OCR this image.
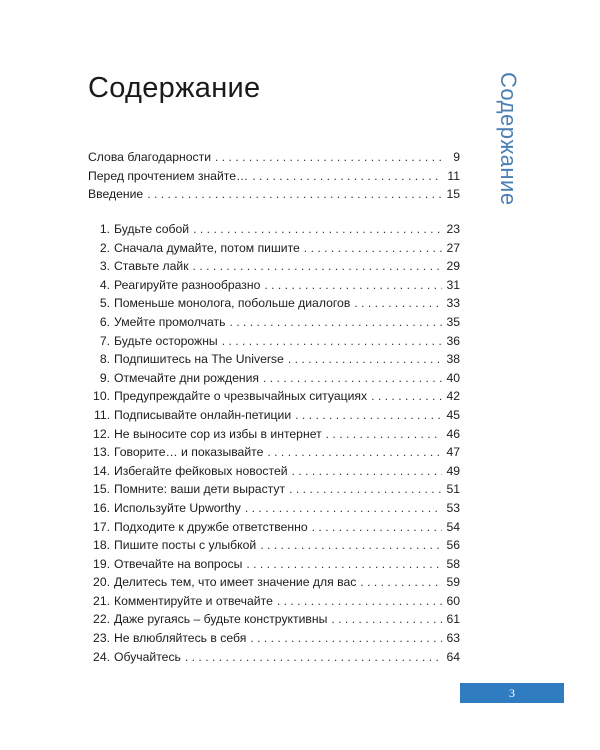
Содержание	Содержание
Слова благодарности . . .	9
Перед прочтением знайте… . . .	11
Введение . . .	15
1. Будьте собой . . .	23
2. Сначала думайте, потом пишите . . .	27
3. Ставьте лайк . . .	29
4. Реагируйте разнообразно . . .	31
5. Поменьше монолога, побольше диалогов . . .	33
6. Умейте промолчать . . .	35
7. Будьте осторожны . . .	36
8. Подпишитесь на The Universe . . .	38
9. Отмечайте дни рождения . . .	40
10. Предупреждайте о чрезвычайных ситуациях . . .	42
11. Подписывайте онлайн-петиции . . .	45
12. Не выносите сор из избы в интернет . . .	46
13. Говорите… и показывайте . . .	47
14. Избегайте фейковых новостей . . .	49
15. Помните: ваши дети вырастут . . .	51
16. Используйте Upworthy . . .	53
17. Подходите к дружбе ответственно . . .	54
18. Пишите посты с улыбкой . . .	56
19. Отвечайте на вопросы . . .	58
20. Делитесь тем, что имеет значение для вас . . .	59
21. Комментируйте и отвечайте . . .	60
22. Даже ругаясь – будьте конструктивны . . .	61
23. Не влюбляйтесь в себя . . .	63
24. Обучайтесь . . .	64
3
